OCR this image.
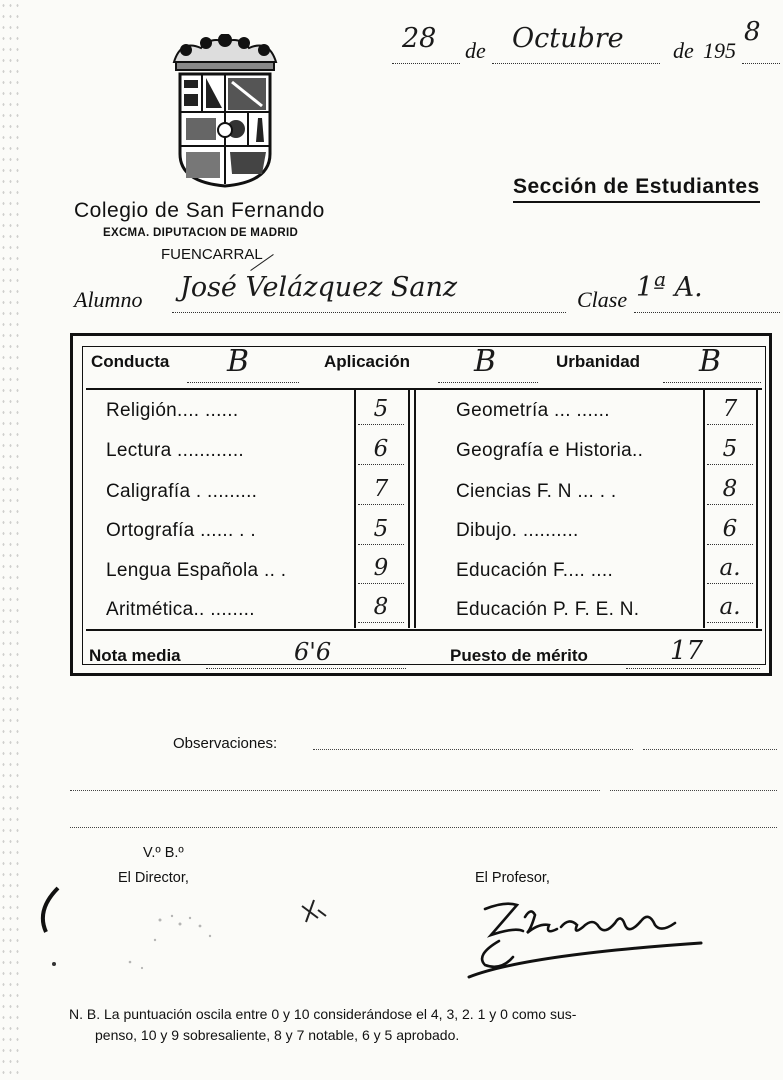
28 de Octubre de 195
8
Colegio de San Fernando
EXCMA. DIPUTACION DE MADRID
FUENCARRAL
Sección de Estudiantes
Alumno José Velázquez Sanz	Clase 1ª A.
Conducta B	Aplicación B	Urbanidad B
Religión.... ......	5
Lectura ............	6
Caligrafía . .........	7
Ortografía ...... . .	5
Lengua Española .. .	9
Aritmética.. ........	8
Geometría ... ......	7
Geografía e Historia..	5
Ciencias F. N ... . .	8
Dibujo. ..........	6
Educación F.... ....	a.
Educación P. F. E. N.	a.
Nota media	6'6	Puesto de mérito	17
Observaciones:
V.º B.º
El Director,	El Profesor,
N. B. La puntuación oscila entre 0 y 10 considerándose el 4, 3, 2. 1 y 0 como sus-
penso, 10 y 9 sobresaliente, 8 y 7 notable, 6 y 5 aprobado.
